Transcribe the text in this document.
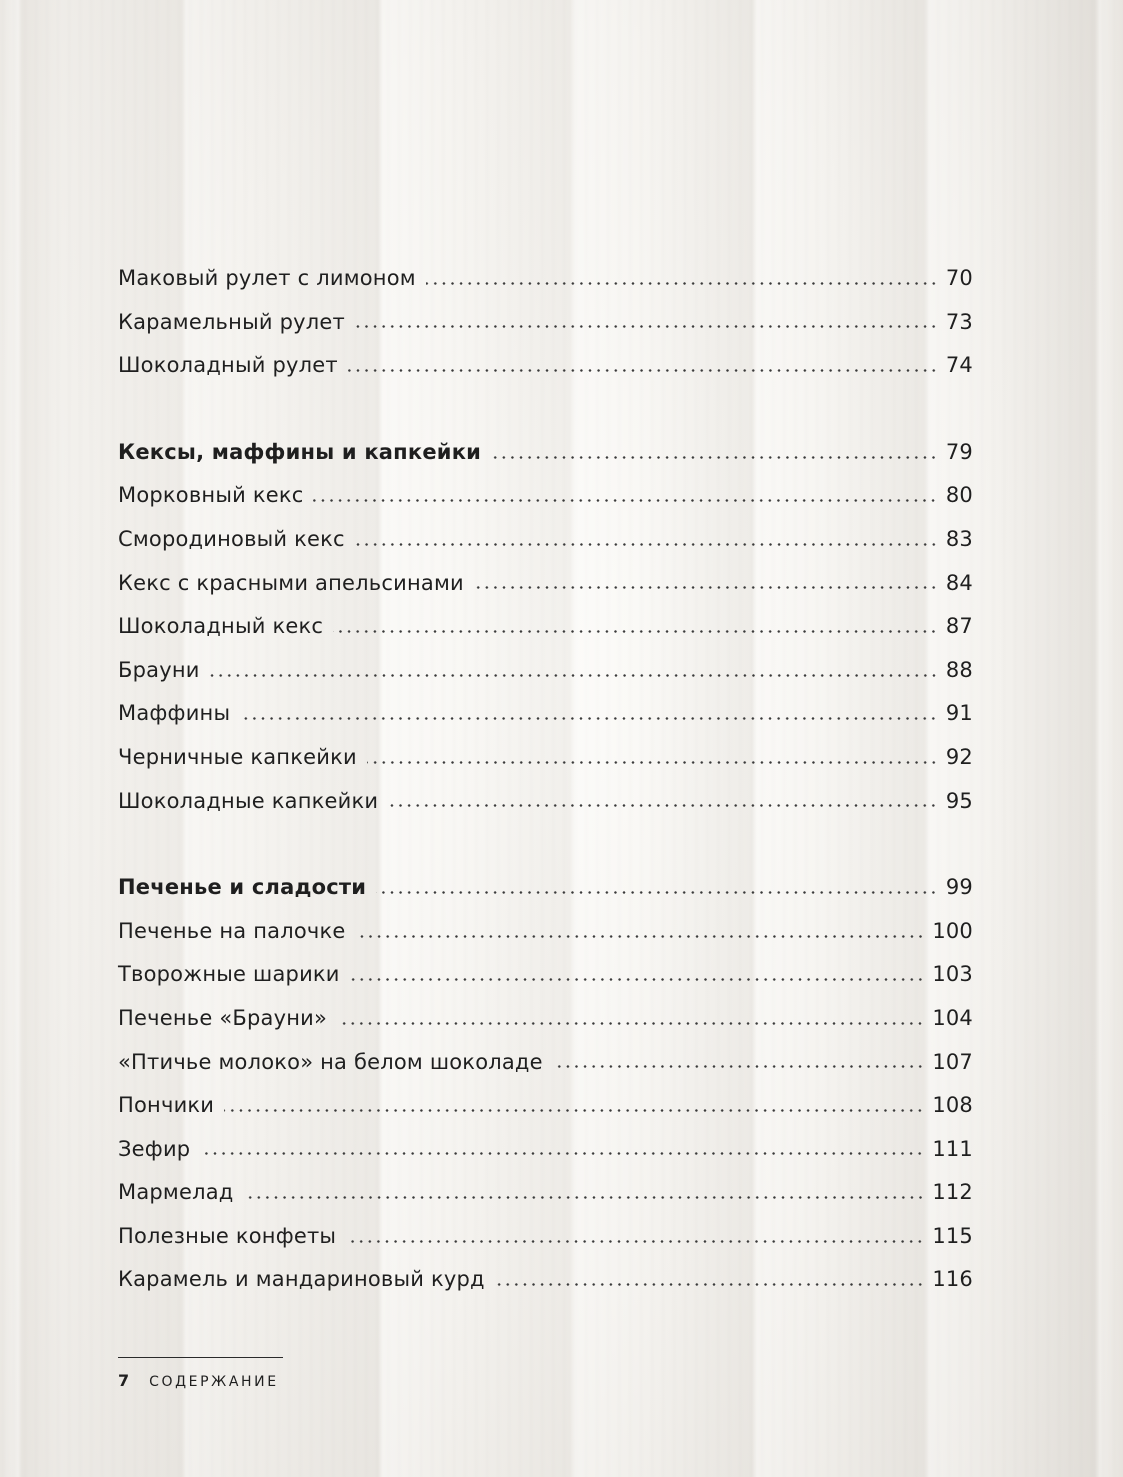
Маковый рулет с лимоном	70
Карамельный рулет	73
Шоколадный рулет	74
Кексы, маффины и капкейки	79
Морковный кекс	80
Смородиновый кекс	83
Кекс с красными апельсинами	84
Шоколадный кекс	87
Брауни	88
Маффины	91
Черничные капкейки	92
Шоколадные капкейки	95
Печенье и сладости	99
Печенье на палочке	100
Творожные шарики	103
Печенье «Брауни»	104
«Птичье молоко» на белом шоколаде	107
Пончики	108
Зефир	111
Мармелад	112
Полезные конфеты	115
Карамель и мандариновый курд	116
7 СОДЕРЖАНИЕ
